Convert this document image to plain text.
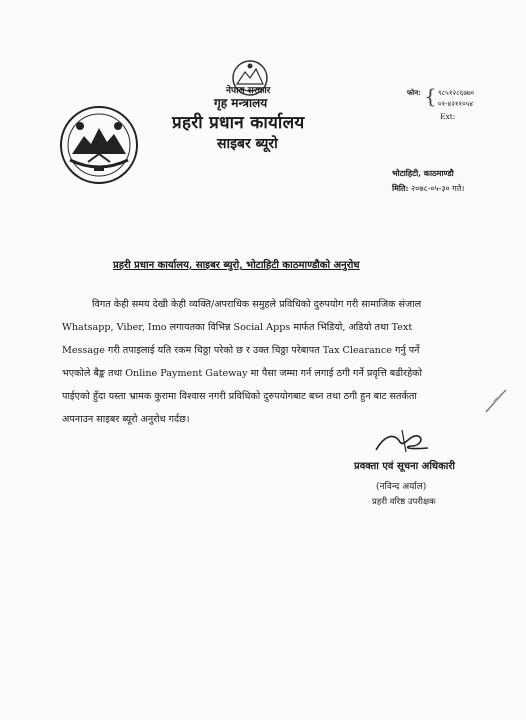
नेपाल सरकार
गृह मन्त्रालय
प्रहरी प्रधान कार्यालय
साइबर ब्यूरो
फोन: ९८५१२८६७७०
०१-४२११०५४
{
Ext:
भोटाहिटी, काठमाण्डौ
मिति: २०७८-०५-३० गते।
प्रहरी प्रधान कार्यालय, साइबर ब्युरो, भोटाहिटी काठमाण्डौको अनुरोध
विगत केही समय देखी केही व्यक्ति/अपराधिक समुहले प्रविधिको दुरुपयोग गरी सामाजिक संजाल
Whatsapp, Viber, Imo लगायतका विभिन्न Social Apps मार्फत भिडियो, अडियो तथा Text
Message गरी तपाइलाई यति रकम चिठ्ठा परेको छ र उक्त चिठ्ठा परेबापत Tax Clearance गर्नु पर्ने
भएकोले बैङ्क तथा Online Payment Gateway मा पैसा जम्मा गर्न लगाई ठगी गर्ने प्रवृत्ति बढीरहेको
पाईएको हुँदा यस्ता भ्रामक कुरामा विश्वास नगरी प्रविधिको दुरुपयोगबाट बच्न तथा ठगी हुन बाट सतर्कता
अपनाउन साइबर ब्यूरो अनुरोध गर्दछ।
प्रवक्ता एवं सूचना अधिकारी
(नविन्द अर्याल)
प्रहरी वरिष्ठ उपरीक्षक
